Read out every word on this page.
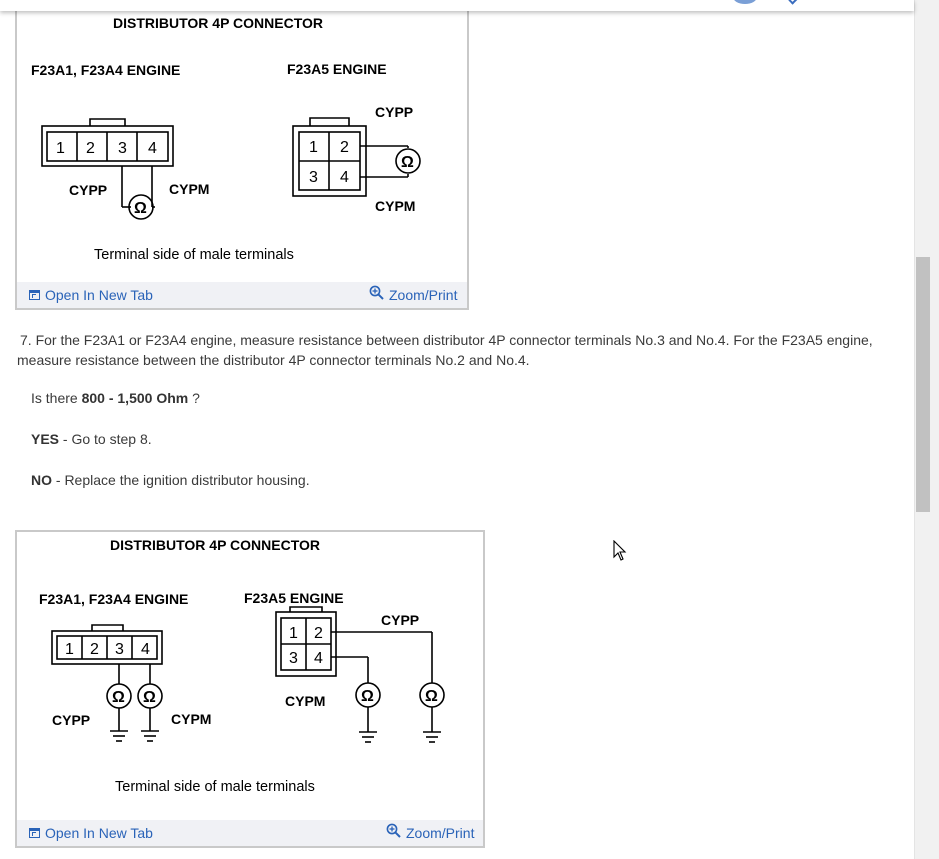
DISTRIBUTOR 4P CONNECTOR
F23A1, F23A4 ENGINE	F23A5 ENGINE
1 2 3 4
Ω
CYPP	CYPM
1 2
3 4
Ω
CYPP
CYPM
Terminal side of male terminals
Open In New Tab	Zoom/Print

7. For the F23A1 or F23A4 engine, measure resistance between distributor 4P connector terminals No.3 and No.4. For the F23A5 engine, measure resistance between the distributor 4P connector terminals No.2 and No.4.

Is there 800 - 1,500 Ohm ?

YES - Go to step 8.

NO - Replace the ignition distributor housing.

DISTRIBUTOR 4P CONNECTOR
F23A1, F23A4 ENGINE	F23A5 ENGINE
1 2 3 4
Ω Ω
CYPP	CYPM
1 2
3 4
Ω	Ω
CYPP
CYPM
Terminal side of male terminals
Open In New Tab	Zoom/Print
